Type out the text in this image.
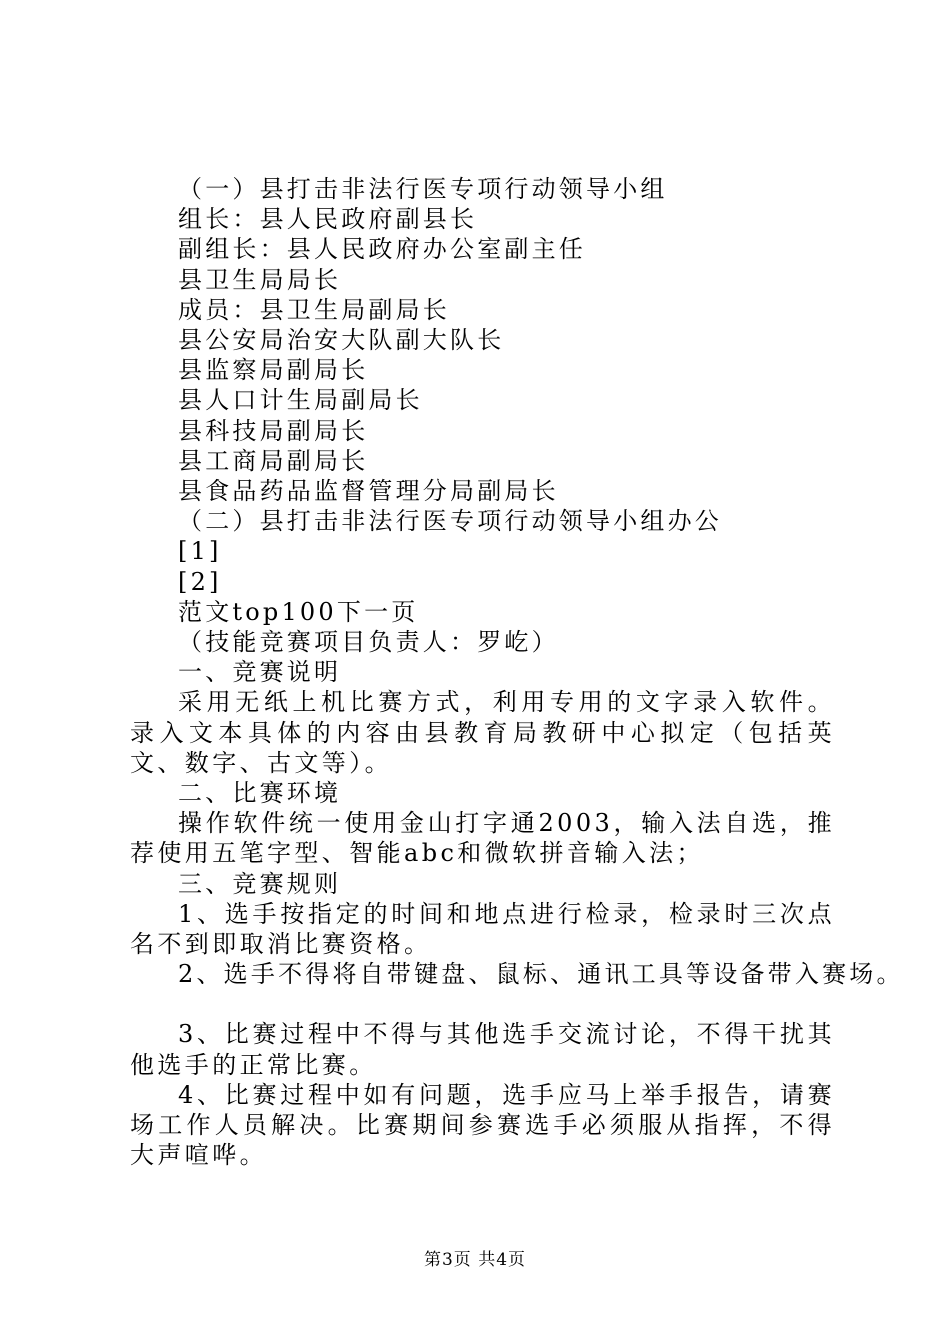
（一）县打击非法行医专项行动领导小组
组长：县人民政府副县长
副组长：县人民政府办公室副主任
县卫生局局长
成员：县卫生局副局长
县公安局治安大队副大队长
县监察局副局长
县人口计生局副局长
县科技局副局长
县工商局副局长
县食品药品监督管理分局副局长
（二）县打击非法行医专项行动领导小组办公
[1]
[2]
范文top100下一页
（技能竞赛项目负责人：罗屹）
一、竞赛说明
采用无纸上机比赛方式，利用专用的文字录入软件。录入文本具体的内容由县教育局教研中心拟定（包括英文、数字、古文等）。
二、比赛环境
操作软件统一使用金山打字通2003，输入法自选，推荐使用五笔字型、智能abc和微软拼音输入法；
三、竞赛规则
1、选手按指定的时间和地点进行检录，检录时三次点名不到即取消比赛资格。
2、选手不得将自带键盘、鼠标、通讯工具等设备带入赛场。
3、比赛过程中不得与其他选手交流讨论，不得干扰其他选手的正常比赛。
4、比赛过程中如有问题，选手应马上举手报告，请赛场工作人员解决。比赛期间参赛选手必须服从指挥，不得大声喧哗。
第3页 共4页
